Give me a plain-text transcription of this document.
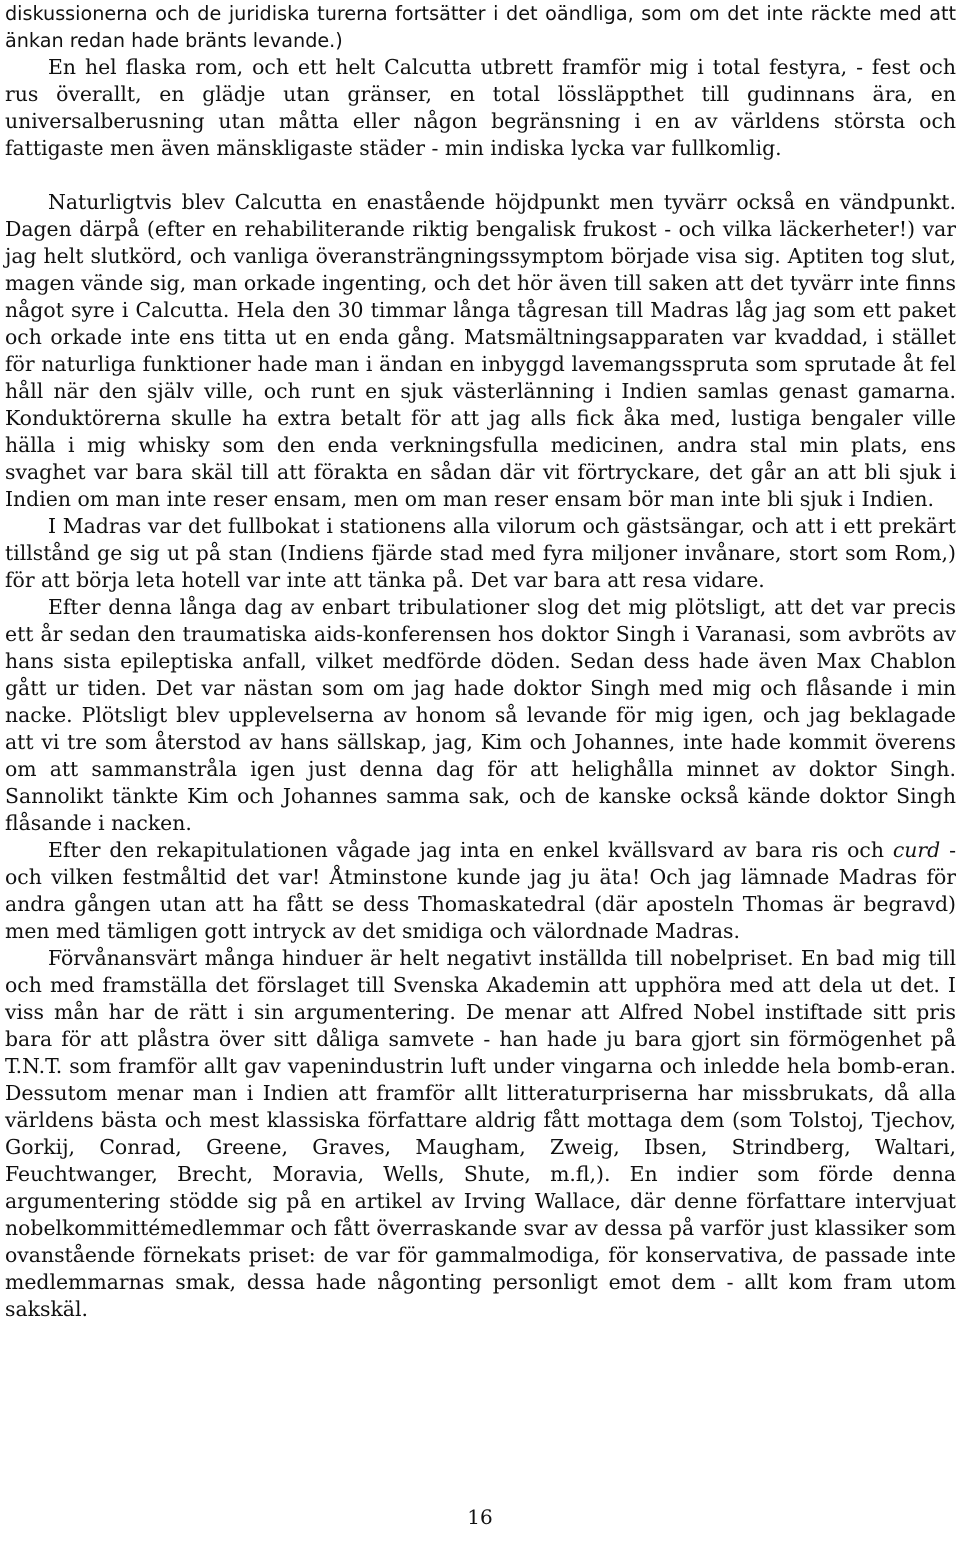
diskussionerna och de juridiska turerna fortsätter i det oändliga, som om det inte räckte med att änkan redan hade bränts levande.)

En hel flaska rom, och ett helt Calcutta utbrett framför mig i total festyra, - fest och rus överallt, en glädje utan gränser, en total lössläppthet till gudinnans ära, en universalberusning utan måtta eller någon begränsning i en av världens största och fattigaste men även mänskligaste städer - min indiska lycka var fullkomlig.

Naturligtvis blev Calcutta en enastående höjdpunkt men tyvärr också en vändpunkt. Dagen därpå (efter en rehabiliterande riktig bengalisk frukost - och vilka läckerheter!) var jag helt slutkörd, och vanliga överansträngningssymptom började visa sig. Aptiten tog slut, magen vände sig, man orkade ingenting, och det hör även till saken att det tyvärr inte finns något syre i Calcutta. Hela den 30 timmar långa tågresan till Madras låg jag som ett paket och orkade inte ens titta ut en enda gång. Matsmältningsapparaten var kvaddad, i stället för naturliga funktioner hade man i ändan en inbyggd lavemangsspruta som sprutade åt fel håll när den själv ville, och runt en sjuk västerlänning i Indien samlas genast gamarna. Konduktörerna skulle ha extra betalt för att jag alls fick åka med, lustiga bengaler ville hälla i mig whisky som den enda verkningsfulla medicinen, andra stal min plats, ens svaghet var bara skäl till att förakta en sådan där vit förtryckare, det går an att bli sjuk i Indien om man inte reser ensam, men om man reser ensam bör man inte bli sjuk i Indien.

I Madras var det fullbokat i stationens alla vilorum och gästsängar, och att i ett prekärt tillstånd ge sig ut på stan (Indiens fjärde stad med fyra miljoner invånare, stort som Rom,) för att börja leta hotell var inte att tänka på. Det var bara att resa vidare.

Efter denna långa dag av enbart tribulationer slog det mig plötsligt, att det var precis ett år sedan den traumatiska aids-konferensen hos doktor Singh i Varanasi, som avbröts av hans sista epileptiska anfall, vilket medförde döden. Sedan dess hade även Max Chablon gått ur tiden. Det var nästan som om jag hade doktor Singh med mig och flåsande i min nacke. Plötsligt blev upplevelserna av honom så levande för mig igen, och jag beklagade att vi tre som återstod av hans sällskap, jag, Kim och Johannes, inte hade kommit överens om att sammanstråla igen just denna dag för att helighålla minnet av doktor Singh. Sannolikt tänkte Kim och Johannes samma sak, och de kanske också kände doktor Singh flåsande i nacken.

Efter den rekapitulationen vågade jag inta en enkel kvällsvard av bara ris och curd - och vilken festmåltid det var! Åtminstone kunde jag ju äta! Och jag lämnade Madras för andra gången utan att ha fått se dess Thomaskatedral (där aposteln Thomas är begravd) men med tämligen gott intryck av det smidiga och välordnade Madras.

Förvånansvärt många hinduer är helt negativt inställda till nobelpriset. En bad mig till och med framställa det förslaget till Svenska Akademin att upphöra med att dela ut det. I viss mån har de rätt i sin argumentering. De menar att Alfred Nobel instiftade sitt pris bara för att plåstra över sitt dåliga samvete - han hade ju bara gjort sin förmögenhet på T.N.T. som framför allt gav vapenindustrin luft under vingarna och inledde hela bomb-eran. Dessutom menar man i Indien att framför allt litteraturpriserna har missbrukats, då alla världens bästa och mest klassiska författare aldrig fått mottaga dem (som Tolstoj, Tjechov, Gorkij, Conrad, Greene, Graves, Maugham, Zweig, Ibsen, Strindberg, Waltari, Feuchtwanger, Brecht, Moravia, Wells, Shute, m.fl,). En indier som förde denna argumentering stödde sig på en artikel av Irving Wallace, där denne författare intervjuat nobelkommittémedlemmar och fått överraskande svar av dessa på varför just klassiker som ovanstående förnekats priset: de var för gammalmodiga, för konservativa, de passade inte medlemmarnas smak, dessa hade någonting personligt emot dem - allt kom fram utom sakskäl.

16
